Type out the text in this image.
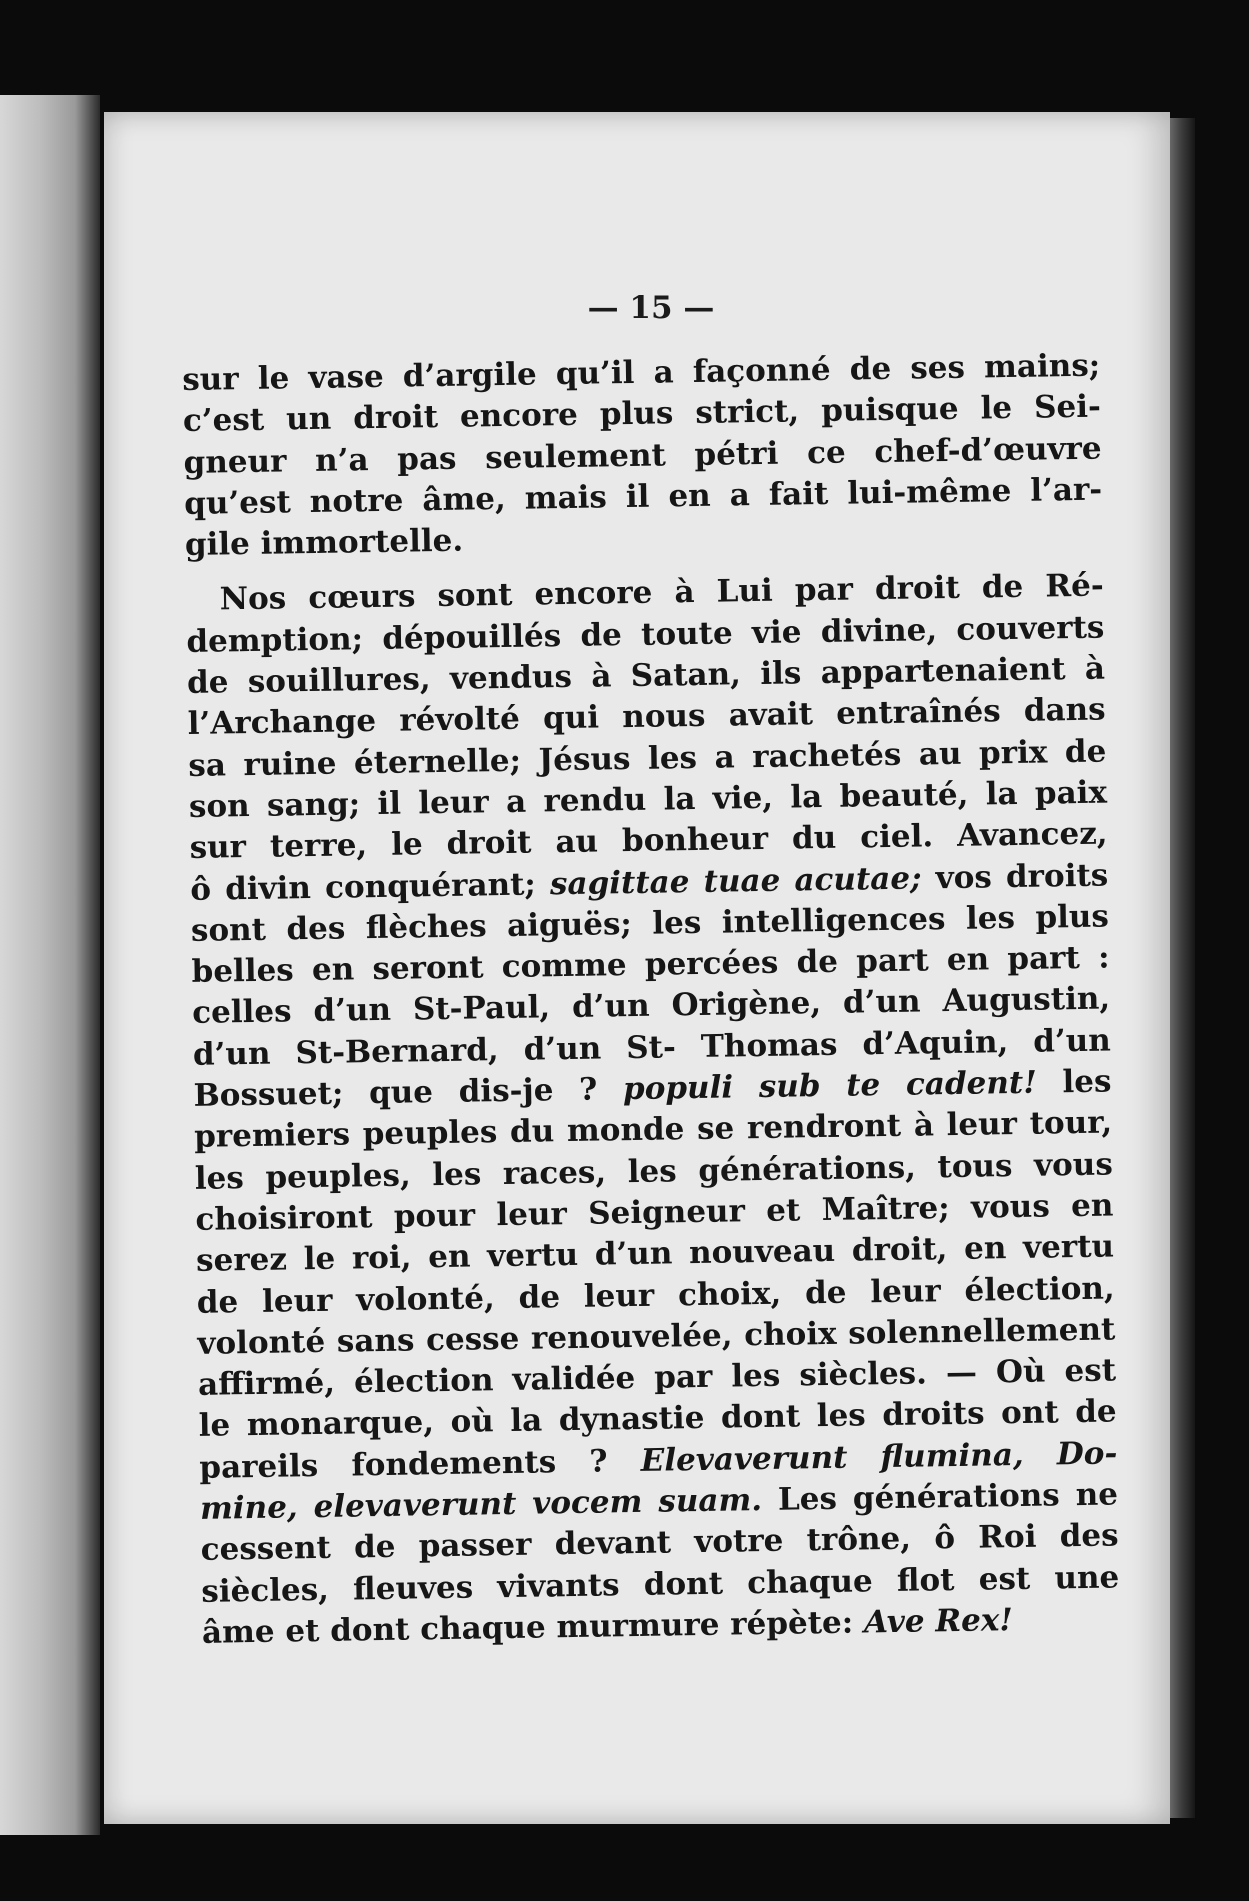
— 15 —
sur le vase d’argile qu’il a façonné de ses mains;
c’est un droit encore plus strict, puisque le Sei-
gneur n’a pas seulement pétri ce chef-d’œuvre
qu’est notre âme, mais il en a fait lui-même l’ar-
gile immortelle.
Nos cœurs sont encore à Lui par droit de Ré-
demption; dépouillés de toute vie divine, couverts
de souillures, vendus à Satan, ils appartenaient à
l’Archange révolté qui nous avait entraînés dans
sa ruine éternelle; Jésus les a rachetés au prix de
son sang; il leur a rendu la vie, la beauté, la paix
sur terre, le droit au bonheur du ciel. Avancez,
ô divin conquérant; sagittae tuae acutae; vos droits
sont des flèches aiguës; les intelligences les plus
belles en seront comme percées de part en part :
celles d’un St-Paul, d’un Origène, d’un Augustin,
d’un St-Bernard, d’un St- Thomas d’Aquin, d’un
Bossuet; que dis-je ? populi sub te cadent! les
premiers peuples du monde se rendront à leur tour,
les peuples, les races, les générations, tous vous
choisiront pour leur Seigneur et Maître; vous en
serez le roi, en vertu d’un nouveau droit, en vertu
de leur volonté, de leur choix, de leur élection,
volonté sans cesse renouvelée, choix solennellement
affirmé, élection validée par les siècles. — Où est
le monarque, où la dynastie dont les droits ont de
pareils fondements ? Elevaverunt flumina, Do-
mine, elevaverunt vocem suam. Les générations ne
cessent de passer devant votre trône, ô Roi des
siècles, fleuves vivants dont chaque flot est une
âme et dont chaque murmure répète: Ave Rex!
